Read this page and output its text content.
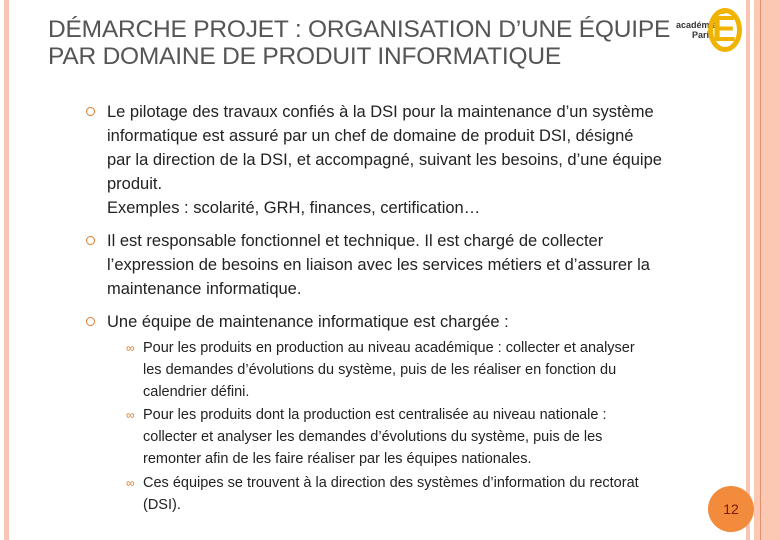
DÉMARCHE PROJET : ORGANISATION D’UNE ÉQUIPE
PAR DOMAINE DE PRODUIT INFORMATIQUE
académie
Paris
É
Le pilotage des travaux confiés à la DSI pour la maintenance d’un système
informatique est assuré par un chef de domaine de produit DSI, désigné
par la direction de la DSI, et accompagné, suivant les besoins, d’une équipe
produit.
Exemples : scolarité, GRH, finances, certification…
Il est responsable fonctionnel et technique. Il est chargé de collecter
l’expression de besoins en liaison avec les services métiers et d’assurer la
maintenance informatique.
Une équipe de maintenance informatique est chargée :
∞ Pour les produits en production au niveau académique : collecter et analyser
les demandes d’évolutions du système, puis de les réaliser en fonction du
calendrier défini.
∞ Pour les produits dont la production est centralisée au niveau nationale :
collecter et analyser les demandes d’évolutions du système, puis de les
remonter afin de les faire réaliser par les équipes nationales.
∞ Ces équipes se trouvent à la direction des systèmes d’information du rectorat
(DSI).	12
